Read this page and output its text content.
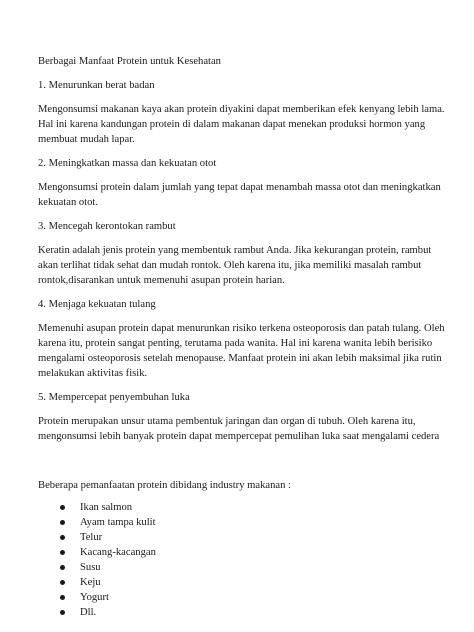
Berbagai Manfaat Protein untuk Kesehatan
1. Menurunkan berat badan
Mengonsumsi makanan kaya akan protein diyakini dapat memberikan efek kenyang lebih lama. Hal ini karena kandungan protein di dalam makanan dapat menekan produksi hormon yang membuat mudah lapar.
2. Meningkatkan massa dan kekuatan otot
Mengonsumsi protein dalam jumlah yang tepat dapat menambah massa otot dan meningkatkan kekuatan otot.
3. Mencegah kerontokan rambut
Keratin adalah jenis protein yang membentuk rambut Anda. Jika kekurangan protein, rambut akan terlihat tidak sehat dan mudah rontok. Oleh karena itu, jika memiliki masalah rambut rontok,disarankan untuk memenuhi asupan protein harian.
4. Menjaga kekuatan tulang
Memenuhi asupan protein dapat menurunkan risiko terkena osteoporosis dan patah tulang. Oleh karena itu, protein sangat penting, terutama pada wanita. Hal ini karena wanita lebih berisiko mengalami osteoporosis setelah menopause. Manfaat protein ini akan lebih maksimal jika rutin melakukan aktivitas fisik.
5. Mempercepat penyembuhan luka
Protein merupakan unsur utama pembentuk jaringan dan organ di tubuh. Oleh karena itu, mengonsumsi lebih banyak protein dapat mempercepat pemulihan luka saat mengalami cedera
Beberapa pemanfaatan protein dibidang industry makanan :
Ikan salmon
Ayam tampa kulit
Telur
Kacang-kacangan
Susu
Keju
Yogurt
Dll.
